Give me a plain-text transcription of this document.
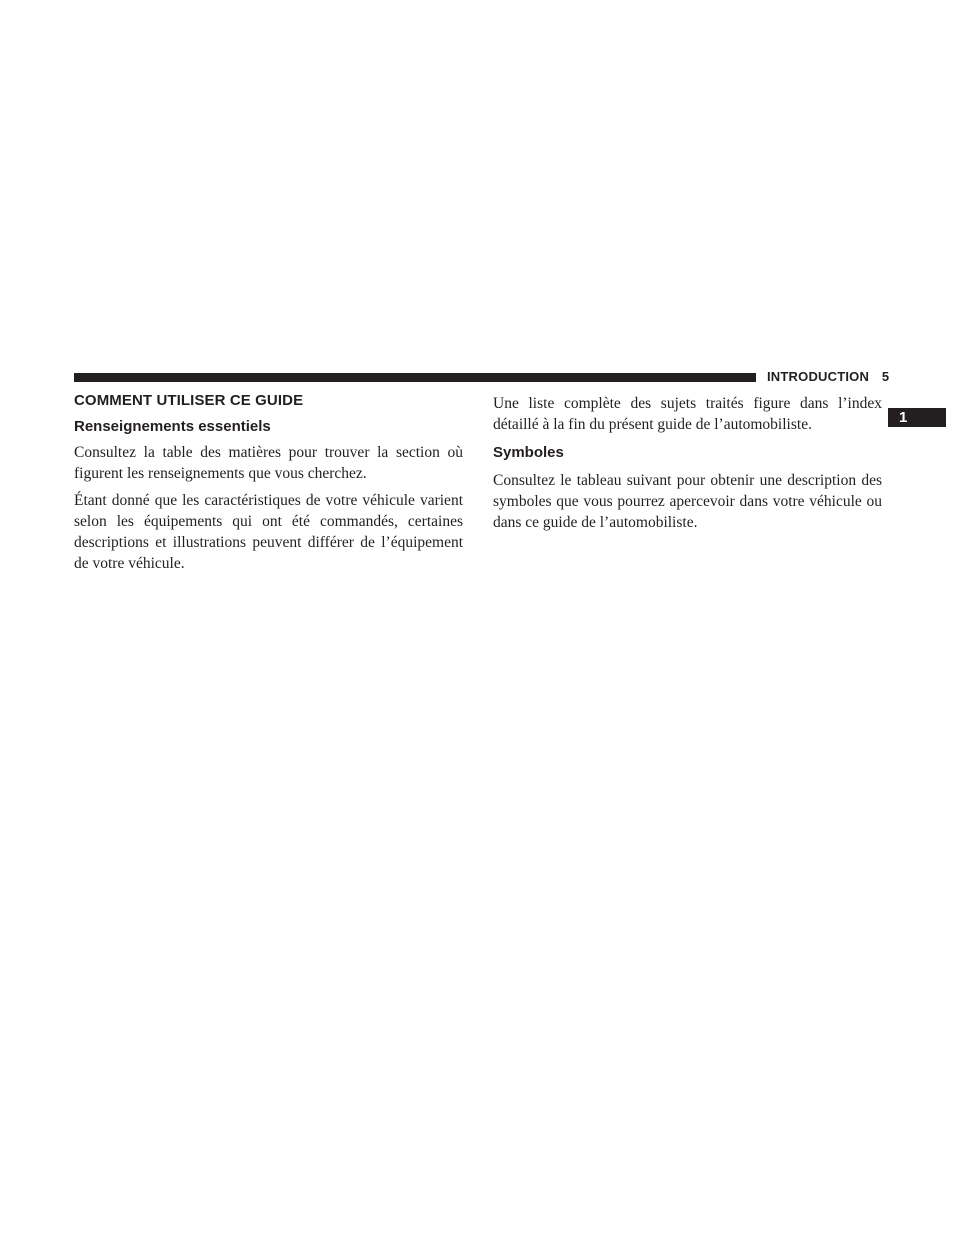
INTRODUCTION 5
1
COMMENT UTILISER CE GUIDE
Renseignements essentiels

Consultez la table des matières pour trouver la section où figurent les renseignements que vous cherchez.

Étant donné que les caractéristiques de votre véhicule varient selon les équipements qui ont été commandés, certaines descriptions et illustrations peuvent différer de l’équipement de votre véhicule.

Une liste complète des sujets traités figure dans l’index détaillé à la fin du présent guide de l’automobiliste.

Symboles

Consultez le tableau suivant pour obtenir une description des symboles que vous pourrez apercevoir dans votre véhicule ou dans ce guide de l’automobiliste.
